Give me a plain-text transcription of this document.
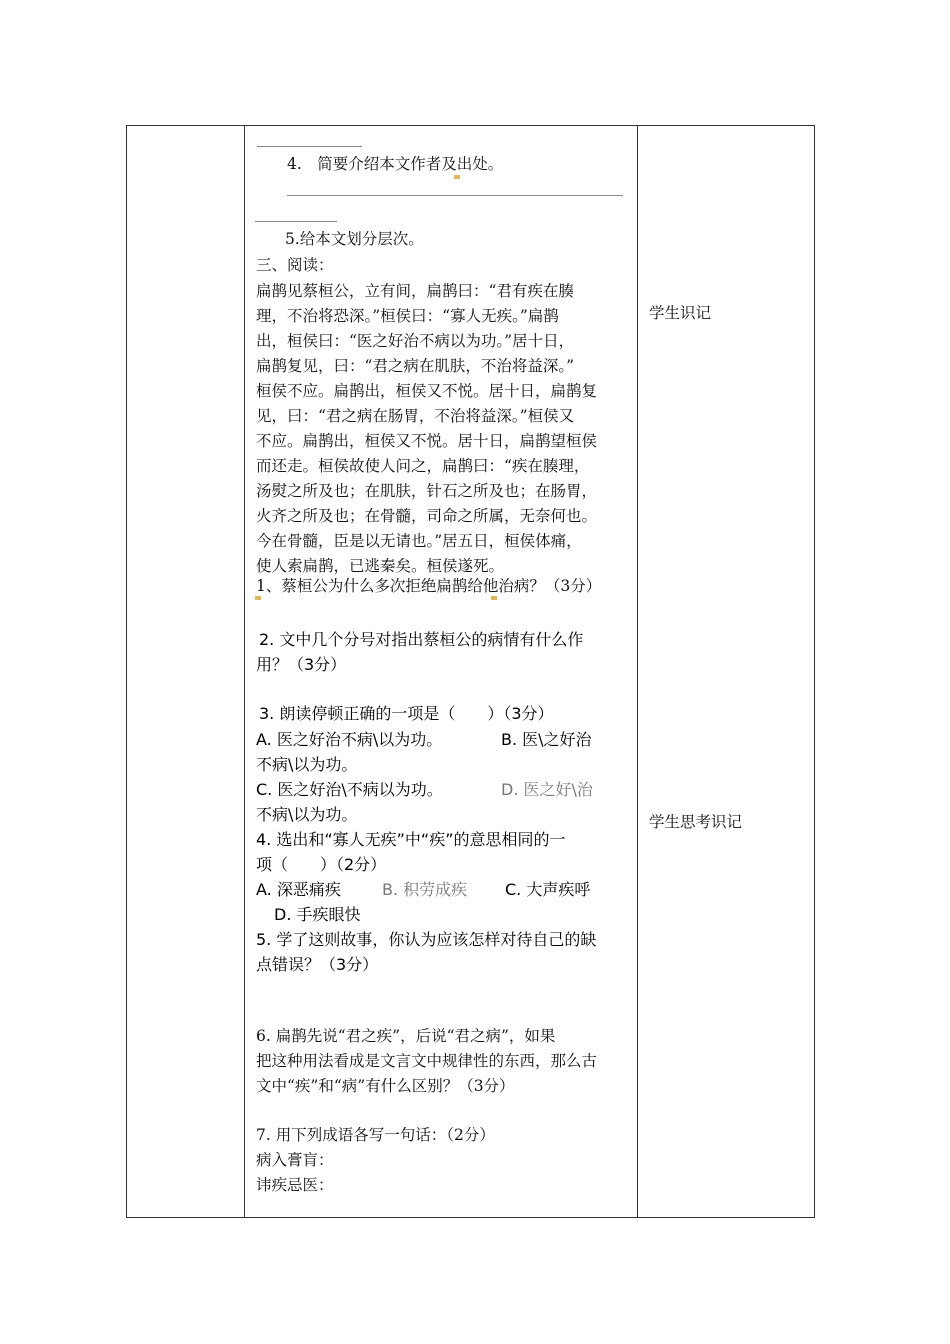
4.　简要介绍本文作者及出处。
5.给本文划分层次。
三、阅读：
扁鹊见蔡桓公，立有间，扁鹊曰：“君有疾在腠
理，不治将恐深。”桓侯曰：“寡人无疾。”扁鹊
出，桓侯曰：“医之好治不病以为功。”居十日，
扁鹊复见，曰：“君之病在肌肤，不治将益深。”
桓侯不应。扁鹊出，桓侯又不悦。居十日，扁鹊复
见，曰：“君之病在肠胃，不治将益深。”桓侯又
不应。扁鹊出，桓侯又不悦。居十日，扁鹊望桓侯
而还走。桓侯故使人问之，扁鹊曰：“疾在腠理，
汤熨之所及也；在肌肤，针石之所及也；在肠胃，
火齐之所及也；在骨髓，司命之所属，无奈何也。
今在骨髓，臣是以无请也。”居五日，桓侯体痛，
使人索扁鹊，已逃秦矣。桓侯遂死。
1、蔡桓公为什么多次拒绝扁鹊给他治病？（3分）
2. 文中几个分号对指出蔡桓公的病情有什么作
用？（3分）
3. 朗读停顿正确的一项是（　　）（3分）
A. 医之好治不病\以为功。	B. 医\之好治
不病\以为功。
C. 医之好治\不病以为功。	D. 医之好\治
不病\以为功。
4. 选出和“寡人无疾”中“疾”的意思相同的一
项（　　）（2分）
A. 深恶痛疾	B. 积劳成疾 C. 大声疾呼
D. 手疾眼快
5. 学了这则故事，你认为应该怎样对待自己的缺
点错误？（3分）
6. 扁鹊先说“君之疾”，后说“君之病”，如果
把这种用法看成是文言文中规律性的东西，那么古
文中“疾”和“病”有什么区别？（3分）
7. 用下列成语各写一句话：（2分）
病入膏肓：
讳疾忌医：
学生识记
学生思考识记
